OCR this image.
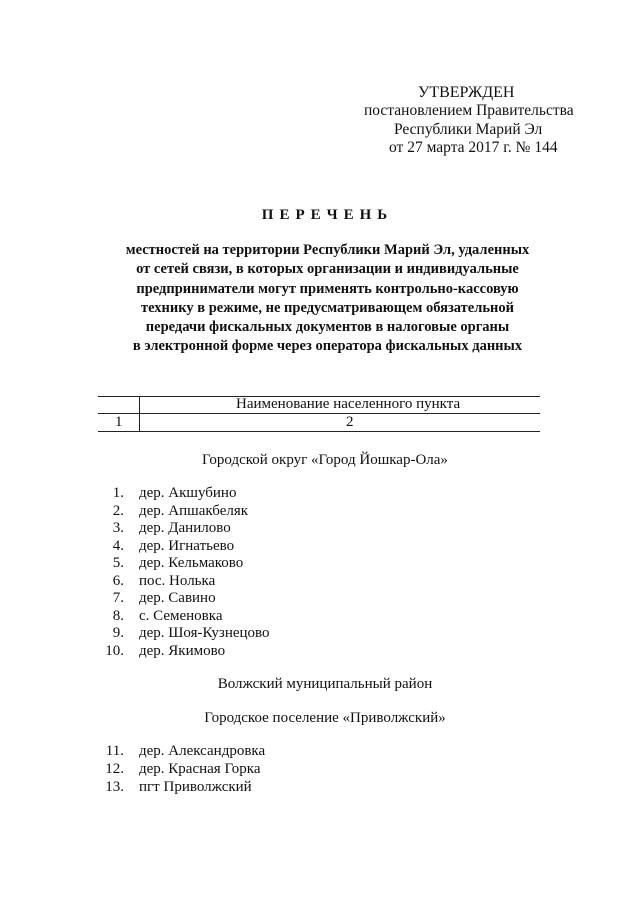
УТВЕРЖДЕН
постановлением Правительства
Республики Марий Эл
от 27 марта 2017 г. № 144
ПЕРЕЧЕНЬ
местностей на территории Республики Марий Эл, удаленных
от сетей связи, в которых организации и индивидуальные
предприниматели могут применять контрольно-кассовую
технику в режиме, не предусматривающем обязательной
передачи фискальных документов в налоговые органы
в электронной форме через оператора фискальных данных
Наименование населенного пункта
1	2
Городской округ «Город Йошкар-Ола»
1. дер. Акшубино
2. дер. Апшакбеляк
3. дер. Данилово
4. дер. Игнатьево
5. дер. Кельмаково
6. пос. Нолька
7. дер. Савино
8. с. Семеновка
9. дер. Шоя-Кузнецово
10. дер. Якимово
Волжский муниципальный район
Городское поселение «Приволжский»
11. дер. Александровка
12. дер. Красная Горка
13. пгт Приволжский
